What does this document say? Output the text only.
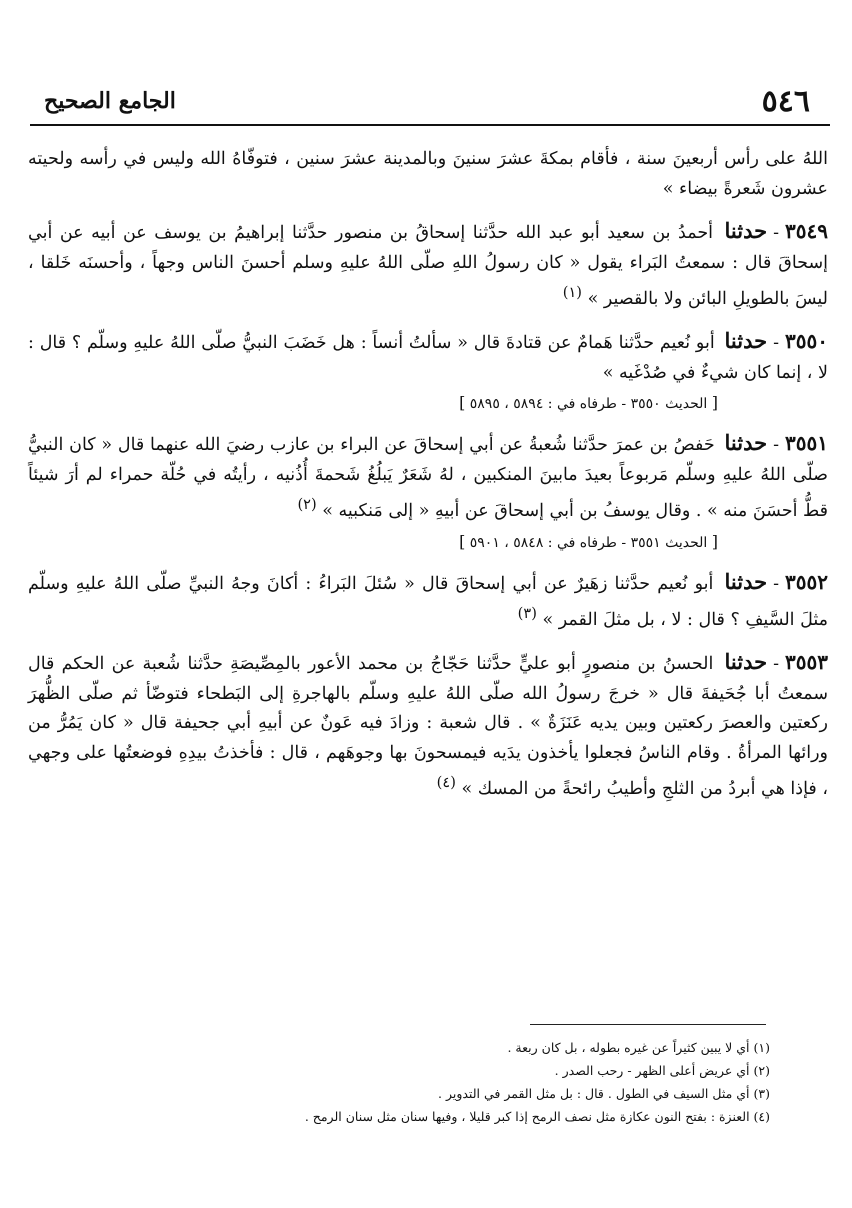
٥٤٦
الجامع الصحيح

اللهُ على رأس أربعينَ سنة ، فأقام بمكةَ عشرَ سنينَ وبالمدينة عشرَ سنين ، فتوفّاهُ الله وليس في رأسه ولحيته عشرون شَعرةً بيضاء »

٣٥٤٩-حدثنا أحمدُ بن سعيد أبو عبد الله حدَّثنا إسحاقُ بن منصور حدَّثنا إبراهيمُ بن يوسف عن أبيه عن أبي إسحاقَ قال : سمعتُ البَراء يقول « كان رسولُ اللهِ صلّى اللهُ عليهِ وسلم أحسنَ الناس وجهاً ، وأحسنَه خَلقا ، ليسَ بالطويلِ البائن ولا بالقصير » $^{(١)}$

٣٥٥٠-حدثنا أبو نُعيم حدَّثنا هَمامٌ عن قتادةَ قال « سألتُ أنساً : هل خَضَبَ النبيُّ صلّى اللهُ عليهِ وسلّم ؟ قال : لا ، إنما كان شيءٌ في صُدْغَيه »

[ الحديث ٣٥٥٠ - طرفاه في : ٥٨٩٤ ، ٥٨٩٥ ]

٣٥٥١-حدثنا حَفصُ بن عمرَ حدَّثنا شُعبةُ عن أبي إسحاقَ عن البراء بن عازب رضيَ الله عنهما قال « كان النبيُّ صلّى اللهُ عليهِ وسلّم مَربوعاً بعيدَ مابينَ المنكبين ، لهُ شَعَرٌ يَبلُغُ شَحمةَ أُذُنيه ، رأيتُه في حُلّة حمراء لم أرَ شيئاً قطُّ أحسَنَ منه » . وقال يوسفُ بن أبي إسحاقَ عن أبيهِ « إلى مَنكبيه » $^{(٢)}$

[ الحديث ٣٥٥١ - طرفاه في : ٥٨٤٨ ، ٥٩٠١ ]

٣٥٥٢-حدثنا أبو نُعيم حدَّثنا زهَيرٌ عن أبي إسحاقَ قال « سُئلَ البَراءُ : أكانَ وجهُ النبيِّ صلّى اللهُ عليهِ وسلّم مثلَ السَّيفِ ؟ قال : لا ، بل مثلَ القمر » $^{(٣)}$

٣٥٥٣-حدثنا الحسنُ بن منصورٍ أبو عليٍّ حدَّثنا حَجّاجُ بن محمد الأعور بالمِصِّيصَةِ حدَّثنا شُعبة عن الحكم قال سمعتُ أبا جُحَيفةَ قال « خرجَ رسولُ الله صلّى اللهُ عليهِ وسلّم بالهاجرةِ إلى البَطحاء فتوضّأ ثم صلّى الظُّهرَ ركعتين والعصرَ ركعتين وبين يديه عَنَزَةٌ » . قال شعبة : وزادَ فيه عَونٌ عن أبيهِ أبي جحيفة قال « كان يَمُرُّ من ورائها المرأةُ . وقام الناسُ فجعلوا يأخذون يدَيه فيمسحونَ بها وجوهَهم ، قال : فأخذتُ بيدِهِ فوضعتُها على وجهي ، فإذا هي أبردُ من الثلجِ وأطيبُ رائحةً من المسك » $^{(٤)}$

(١) أي لا يبين كثيراً عن غيره بطوله ، بل كان ربعة .

(٢) أي عريض أعلى الظهر - رحب الصدر .

(٣) أي مثل السيف في الطول . قال : بل مثل القمر في التدوير .

(٤) العنزة : بفتح النون عكازة مثل نصف الرمح إذا كبر قليلا ، وفيها سنان مثل سنان الرمح .
